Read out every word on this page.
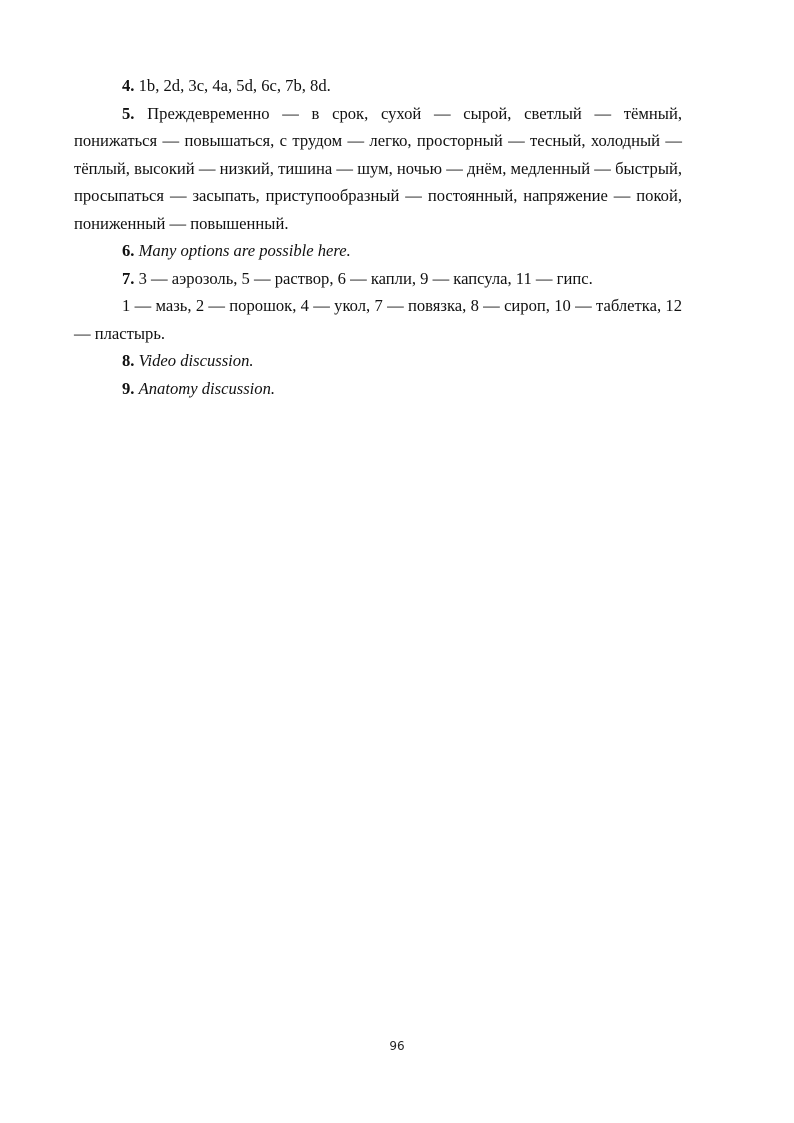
4. 1b, 2d, 3c, 4a, 5d, 6c, 7b, 8d.

5. Преждевременно — в срок, сухой — сырой, светлый — тёмный, понижаться — повышаться, с трудом — легко, просторный — тесный, холодный — тёплый, высокий — низкий, тишина — шум, ночью — днём, медленный — быстрый, просыпаться — засыпать, приступообразный — постоянный, напряжение — покой, пониженный — повышенный.

6. Many options are possible here.

7. 3 — аэрозоль, 5 — раствор, 6 — капли, 9 — капсула, 11 — гипс.

1 — мазь, 2 — порошок, 4 — укол, 7 — повязка, 8 — сироп, 10 — таблетка, 12 — пластырь.

8. Video discussion.

9. Anatomy discussion.

96
